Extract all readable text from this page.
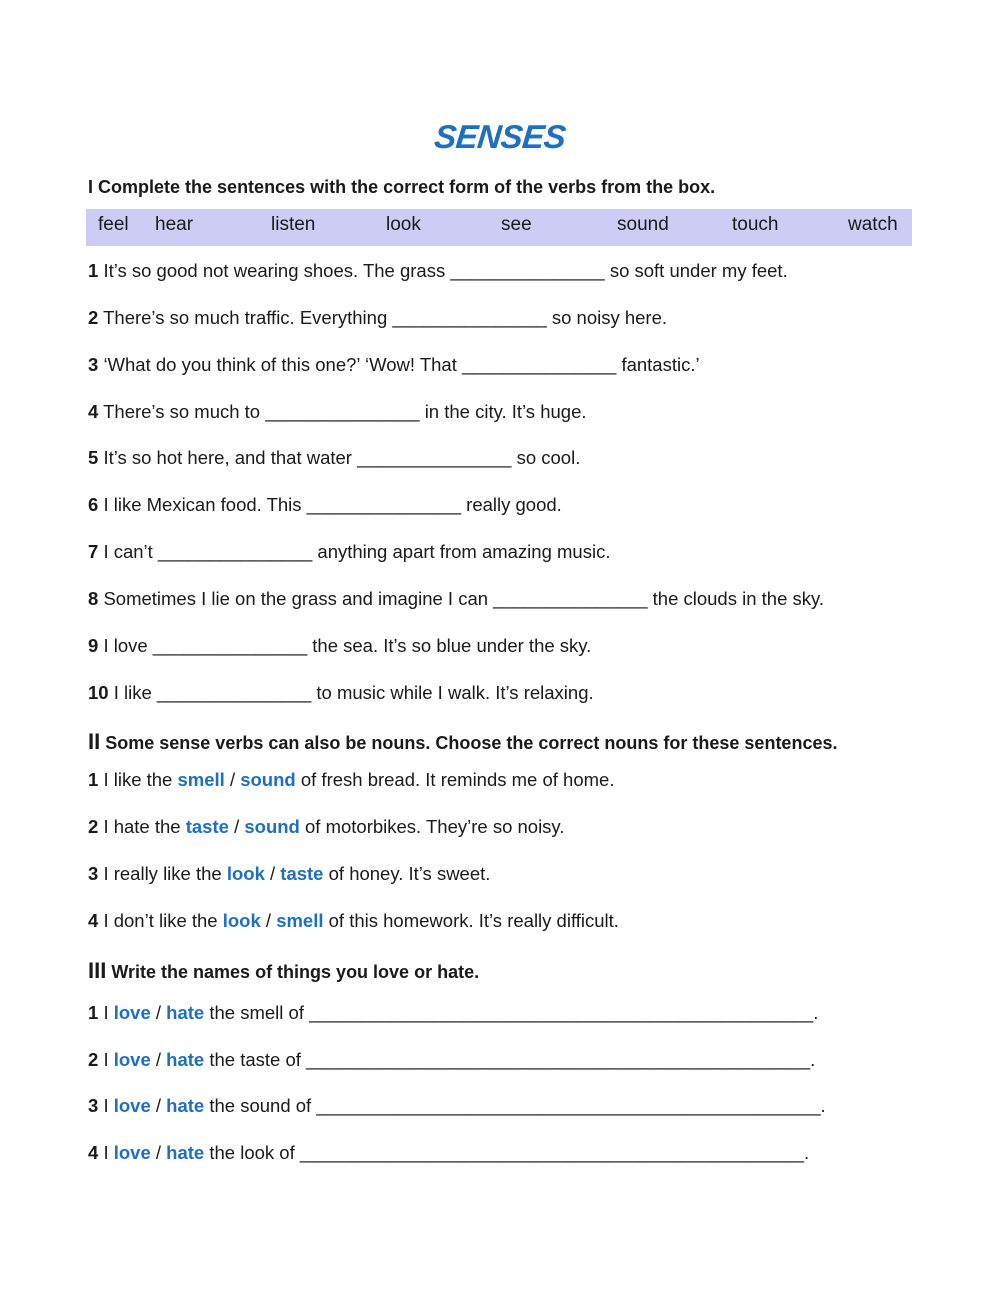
SENSES
I Complete the sentences with the correct form of the verbs from the box.
feel hear	listen	look	see	sound	touch	watch
1 It’s so good not wearing shoes. The grass _______________ so soft under my feet.
2 There’s so much traffic. Everything _______________ so noisy here.
3 ‘What do you think of this one?’ ‘Wow! That _______________ fantastic.’
4 There’s so much to _______________ in the city. It’s huge.
5 It’s so hot here, and that water _______________ so cool.
6 I like Mexican food. This _______________ really good.
7 I can’t _______________ anything apart from amazing music.
8 Sometimes I lie on the grass and imagine I can _______________ the clouds in the sky.
9 I love _______________ the sea. It’s so blue under the sky.
10 I like _______________ to music while I walk. It’s relaxing.
II Some sense verbs can also be nouns. Choose the correct nouns for these sentences.
1 I like the smell / sound of fresh bread. It reminds me of home.
2 I hate the taste / sound of motorbikes. They’re so noisy.
3 I really like the look / taste of honey. It’s sweet.
4 I don’t like the look / smell of this homework. It’s really difficult.
III Write the names of things you love or hate.
1 I love / hate the smell of _________________________________________________.
2 I love / hate the taste of _________________________________________________.
3 I love / hate the sound of _________________________________________________.
4 I love / hate the look of _________________________________________________.
